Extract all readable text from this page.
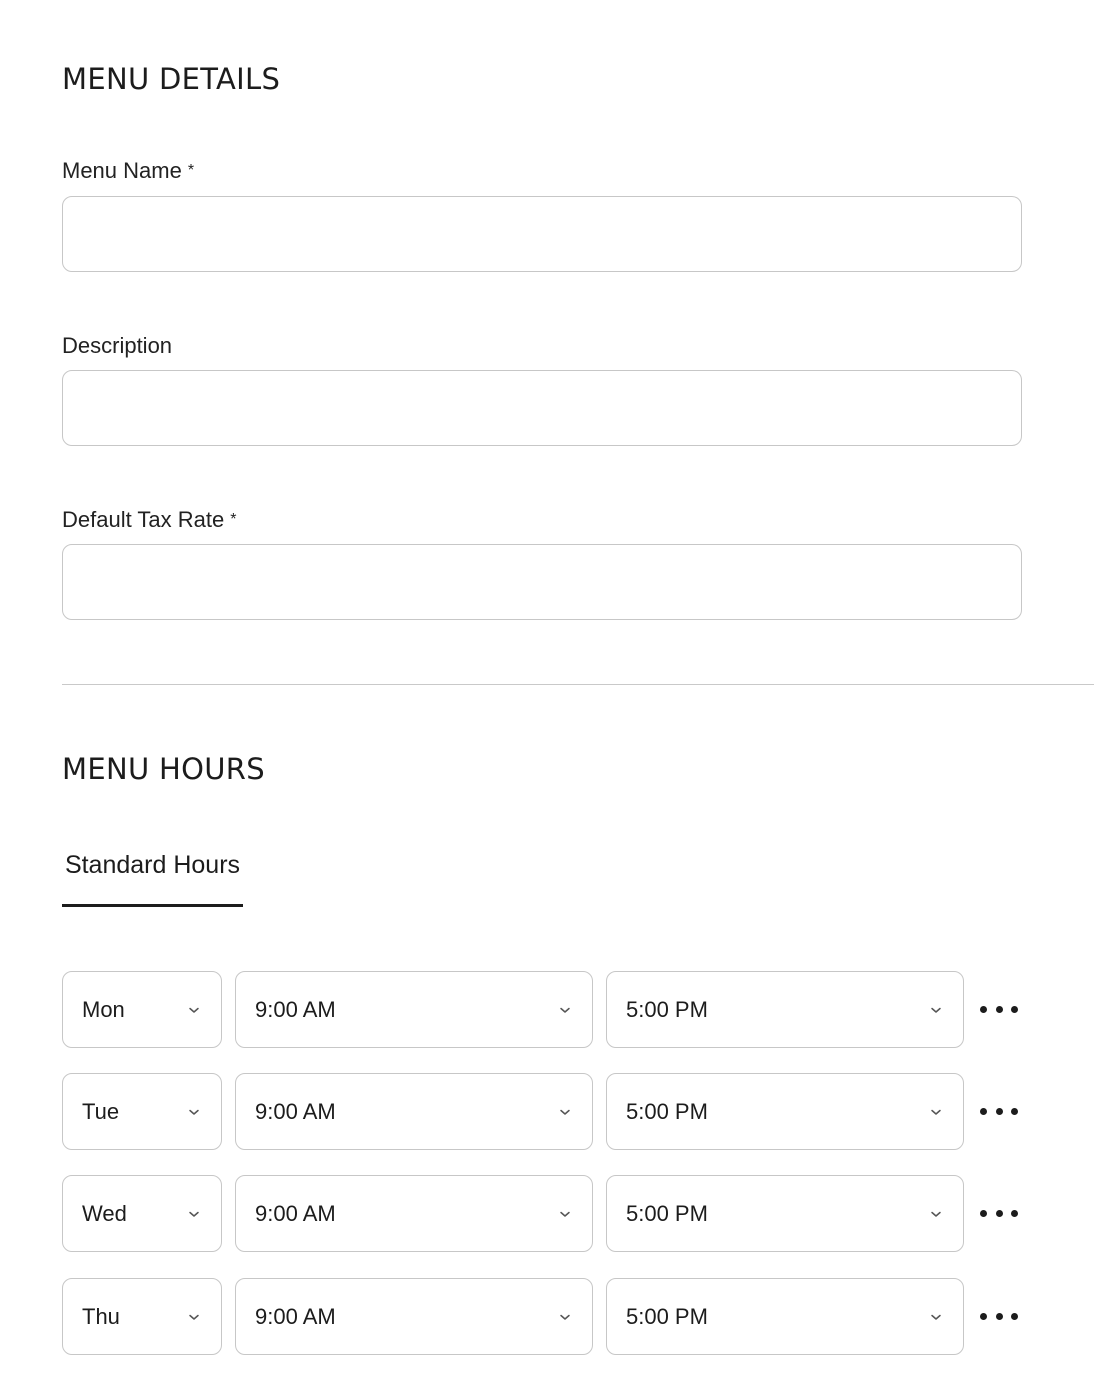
MENU DETAILS
Menu Name *
Description
Default Tax Rate *
MENU HOURS
Standard Hours
Mon	9:00 AM	5:00 PM
Tue	9:00 AM	5:00 PM
Wed	9:00 AM	5:00 PM
Thu	9:00 AM	5:00 PM
